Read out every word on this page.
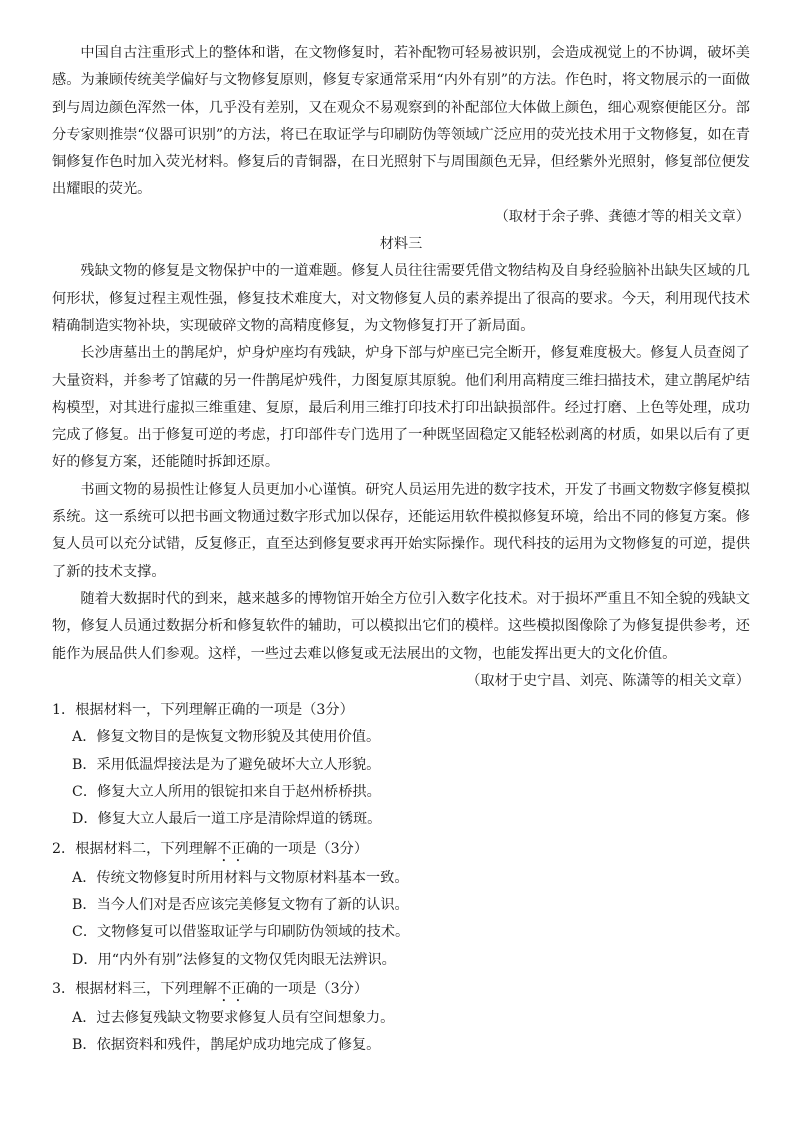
中国自古注重形式上的整体和谐，在文物修复时，若补配物可轻易被识别，会造成视觉上的不协调，破坏美感。为兼顾传统美学偏好与文物修复原则，修复专家通常采用“内外有别”的方法。作色时，将文物展示的一面做到与周边颜色浑然一体，几乎没有差别，又在观众不易观察到的补配部位大体做上颜色，细心观察便能区分。部分专家则推崇“仪器可识别”的方法，将已在取证学与印刷防伪等领域广泛应用的荧光技术用于文物修复，如在青铜修复作色时加入荧光材料。修复后的青铜器，在日光照射下与周围颜色无异，但经紫外光照射，修复部位便发出耀眼的荧光。

（取材于余子骅、龚德才等的相关文章）

材料三

残缺文物的修复是文物保护中的一道难题。修复人员往往需要凭借文物结构及自身经验脑补出缺失区域的几何形状，修复过程主观性强，修复技术难度大，对文物修复人员的素养提出了很高的要求。今天，利用现代技术精确制造实物补块，实现破碎文物的高精度修复，为文物修复打开了新局面。

长沙唐墓出土的鹊尾炉，炉身炉座均有残缺，炉身下部与炉座已完全断开，修复难度极大。修复人员查阅了大量资料，并参考了馆藏的另一件鹊尾炉残件，力图复原其原貌。他们利用高精度三维扫描技术，建立鹊尾炉结构模型，对其进行虚拟三维重建、复原，最后利用三维打印技术打印出缺损部件。经过打磨、上色等处理，成功完成了修复。出于修复可逆的考虑，打印部件专门选用了一种既坚固稳定又能轻松剥离的材质，如果以后有了更好的修复方案，还能随时拆卸还原。

书画文物的易损性让修复人员更加小心谨慎。研究人员运用先进的数字技术，开发了书画文物数字修复模拟系统。这一系统可以把书画文物通过数字形式加以保存，还能运用软件模拟修复环境，给出不同的修复方案。修复人员可以充分试错，反复修正，直至达到修复要求再开始实际操作。现代科技的运用为文物修复的可逆，提供了新的技术支撑。

随着大数据时代的到来，越来越多的博物馆开始全方位引入数字化技术。对于损坏严重且不知全貌的残缺文物，修复人员通过数据分析和修复软件的辅助，可以模拟出它们的模样。这些模拟图像除了为修复提供参考，还能作为展品供人们参观。这样，一些过去难以修复或无法展出的文物，也能发挥出更大的文化价值。

（取材于史宁昌、刘亮、陈潇等的相关文章）

1．根据材料一，下列理解正确的一项是（3分）
A．修复文物目的是恢复文物形貌及其使用价值。
B．采用低温焊接法是为了避免破坏大立人形貌。
C．修复大立人所用的银锭扣来自于赵州桥桥拱。
D．修复大立人最后一道工序是清除焊道的锈斑。
2．根据材料二，下列理解不正确的一项是（3分）
A．传统文物修复时所用材料与文物原材料基本一致。
B．当今人们对是否应该完美修复文物有了新的认识。
C．文物修复可以借鉴取证学与印刷防伪领域的技术。
D．用“内外有别”法修复的文物仅凭肉眼无法辨识。
3．根据材料三，下列理解不正确的一项是（3分）
A．过去修复残缺文物要求修复人员有空间想象力。
B．依据资料和残件，鹊尾炉成功地完成了修复。
